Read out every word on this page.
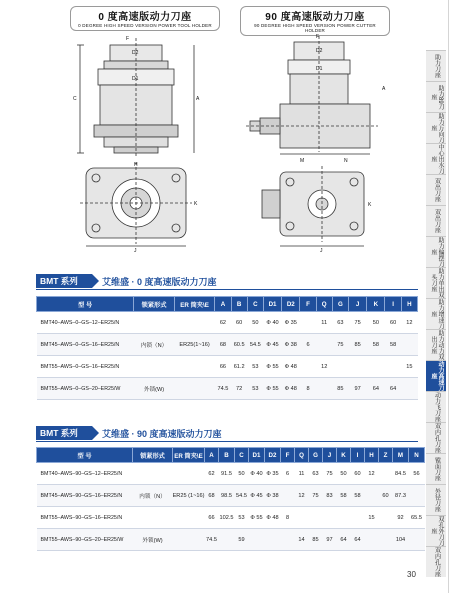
0 度高速版动力刀座
0 DEGREE HIGH SPEED VERSION POWER TOOL HOLDER
90 度高速版动力刀座
90 DEGREE HIGH SPEED VERSION POWER CUTTER HOLDER
F
D2
D1
C	A
H
K
J
F
D2
D1
A
M	N
K
J
BMT 系列	艾维盛 · 0 度高速版动力刀座
型 号	锁紧形式	ER 筒夹\E	A	B	C	D1	D2	F	Q	G	J	K	I	H
BMT40–AWS–0–GS–12–ER25/N			62	60	50	Φ 40	Φ 35		11	63	75	50	60	12
BMT45–AWS–0–GS–16–ER25/N	内锁（N）	ER25(1~16)	68	60.5	54.5	Φ 45	Φ 38	6		75	85	58	58	
BMT55–AWS–0–GS–16–ER25/N			66	61.2	53	Φ 55	Φ 48		12					15
BMT55–AWS–0–GS–20–ER25/W	外锁(W)		74.5	72	53	Φ 55	Φ 48	8		85	97	64	64	
BMT 系列	艾维盛 · 90 度高速版动力刀座
型 号	锁紧形式	ER 筒夹\E	A	B	C	D1	D2	F	Q	G	J	K	I	H	Z	M	N
BMT40–AWS–90–GS–12–ER25/N			62	91.5	50	Φ 40	Φ 35	6	11	63	75	50	60	12		84.5	56
BMT45–AWS–90–GS–16–ER25/N	内锁（N）	ER25 (1~16)	68	98.5	54.5	Φ 45	Φ 38		12	75	83	58	58		60	87.3	
BMT55–AWS–90–GS–16–ER25/N			66	102.5	53	Φ 55	Φ 48	8						15		92	65.5
BMT55–AWS–90–GS–20–ER25/W	外锁(W)		74.5		59				14	85	97	64	64			104	
助力刀座
助力89刀座
助力万向刀座
中心出水刀座
双出刀座
双出刀座
助力偏摆刀座
助力单出双头刀座
助力增速刀座
助力动力双出刀座
动力高速刀座
动力飞刀座
双内孔刀座
镗面刀座
外径刀座
双孔外刀刀座
双内孔刀座
30
